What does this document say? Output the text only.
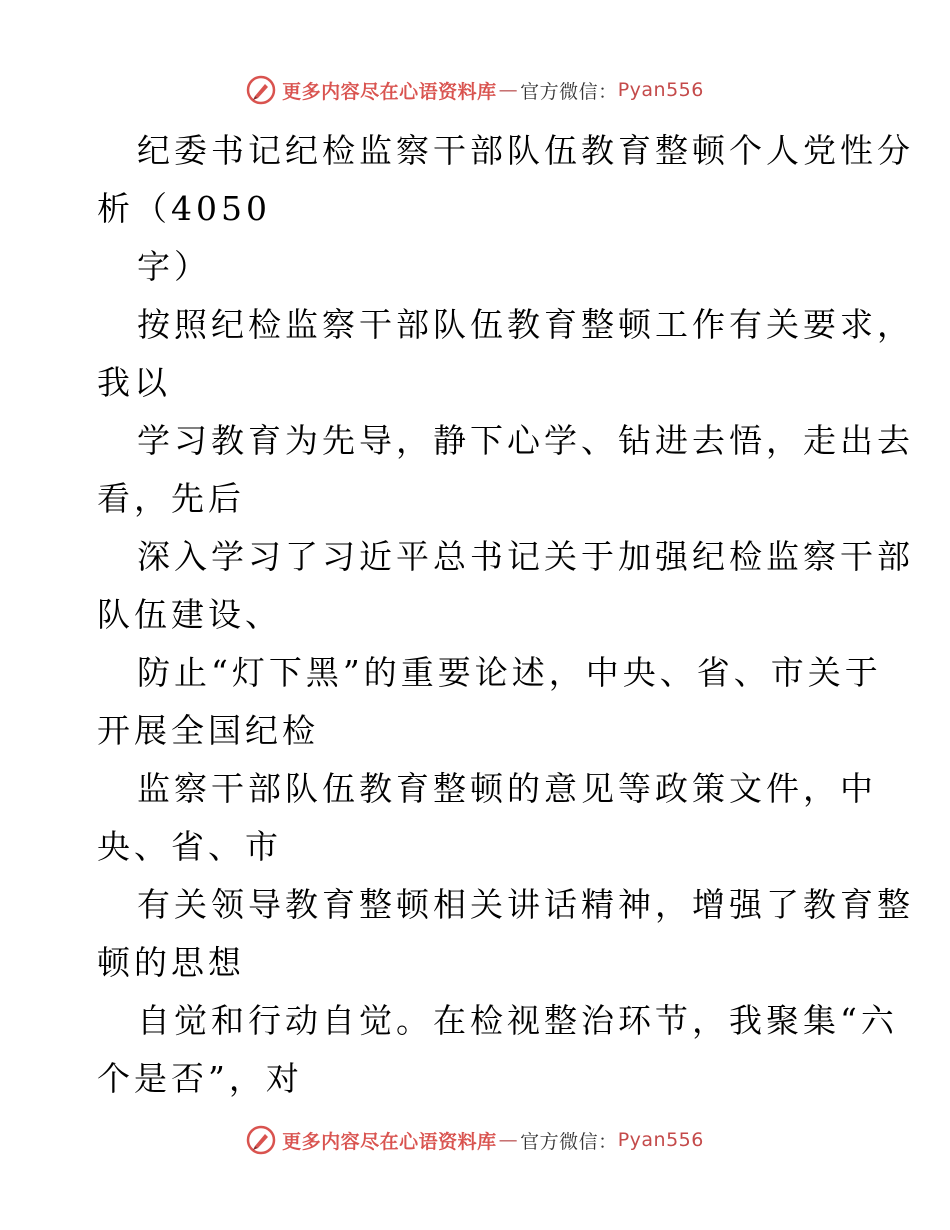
更多内容尽在心语资料库 — 官方微信： Pyan556
纪委书记纪检监察干部队伍教育整顿个人党性分
析（4050
字）
按照纪检监察干部队伍教育整顿工作有关要求，
我以
学习教育为先导，静下心学、钻进去悟，走出去
看，先后
深入学习了习近平总书记关于加强纪检监察干部
队伍建设、
防止“灯下黑”的重要论述，中央、省、市关于
开展全国纪检
监察干部队伍教育整顿的意见等政策文件，中
央、省、市
有关领导教育整顿相关讲话精神，增强了教育整
顿的思想
自觉和行动自觉。在检视整治环节，我聚集“六
个是否”，对
更多内容尽在心语资料库 — 官方微信： Pyan556
